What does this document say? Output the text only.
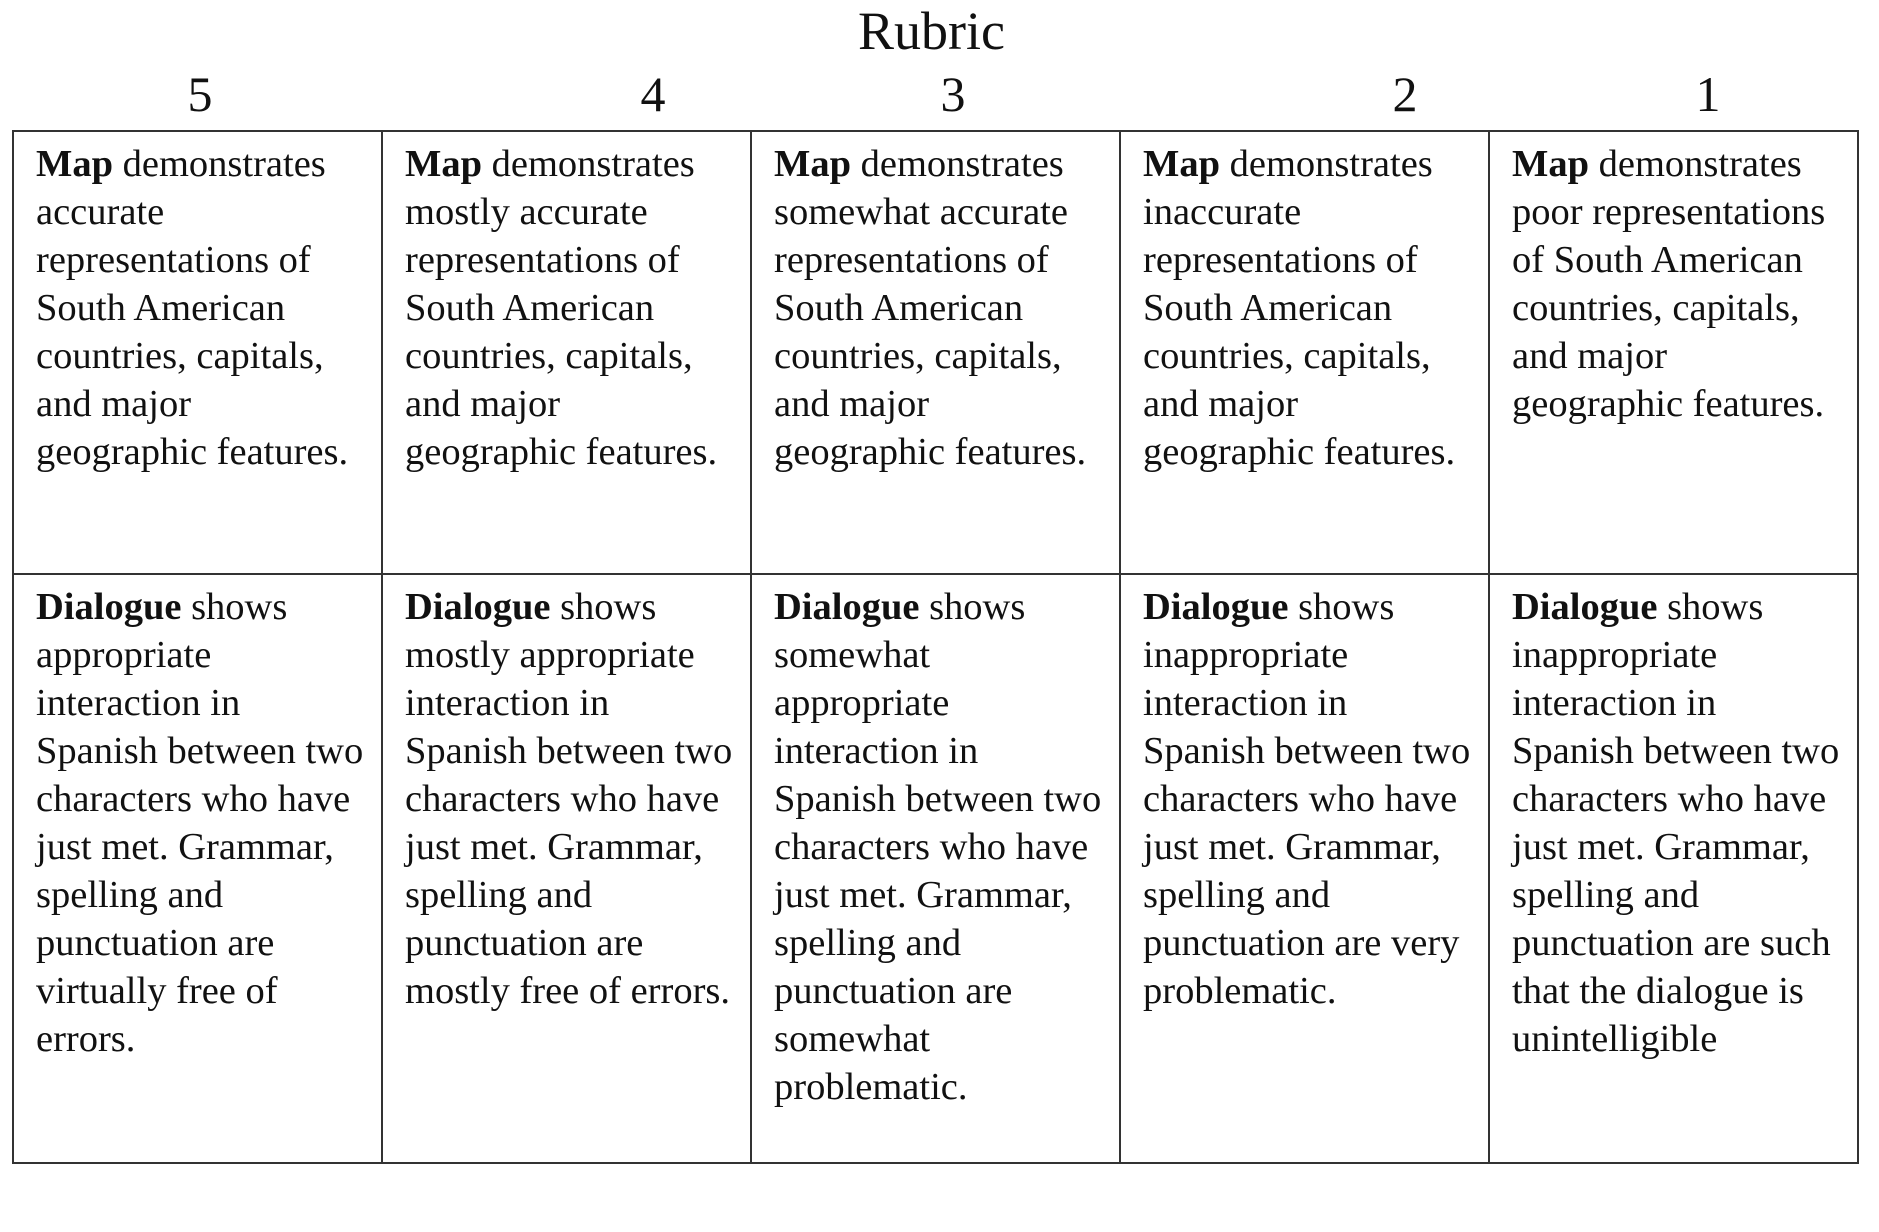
Rubric
5	4	3	2	1
Map demonstrates accurate representations of South American countries, capitals, and major geographic features.	Map demonstrates mostly accurate representations of South American countries, capitals, and major geographic features.	Map demonstrates somewhat accurate representations of South American countries, capitals, and major geographic features.	Map demonstrates inaccurate representations of South American countries, capitals, and major geographic features.	Map demonstrates poor representations of South American countries, capitals, and major geographic features.
Dialogue shows appropriate interaction in Spanish between two characters who have just met. Grammar, spelling and punctuation are virtually free of errors.	Dialogue shows mostly appropriate interaction in Spanish between two characters who have just met. Grammar, spelling and punctuation are mostly free of errors.	Dialogue shows somewhat appropriate interaction in Spanish between two characters who have just met. Grammar, spelling and punctuation are somewhat problematic.	Dialogue shows inappropriate interaction in Spanish between two characters who have just met. Grammar, spelling and punctuation are very problematic.	Dialogue shows inappropriate interaction in Spanish between two characters who have just met. Grammar, spelling and punctuation are such that the dialogue is unintelligible
